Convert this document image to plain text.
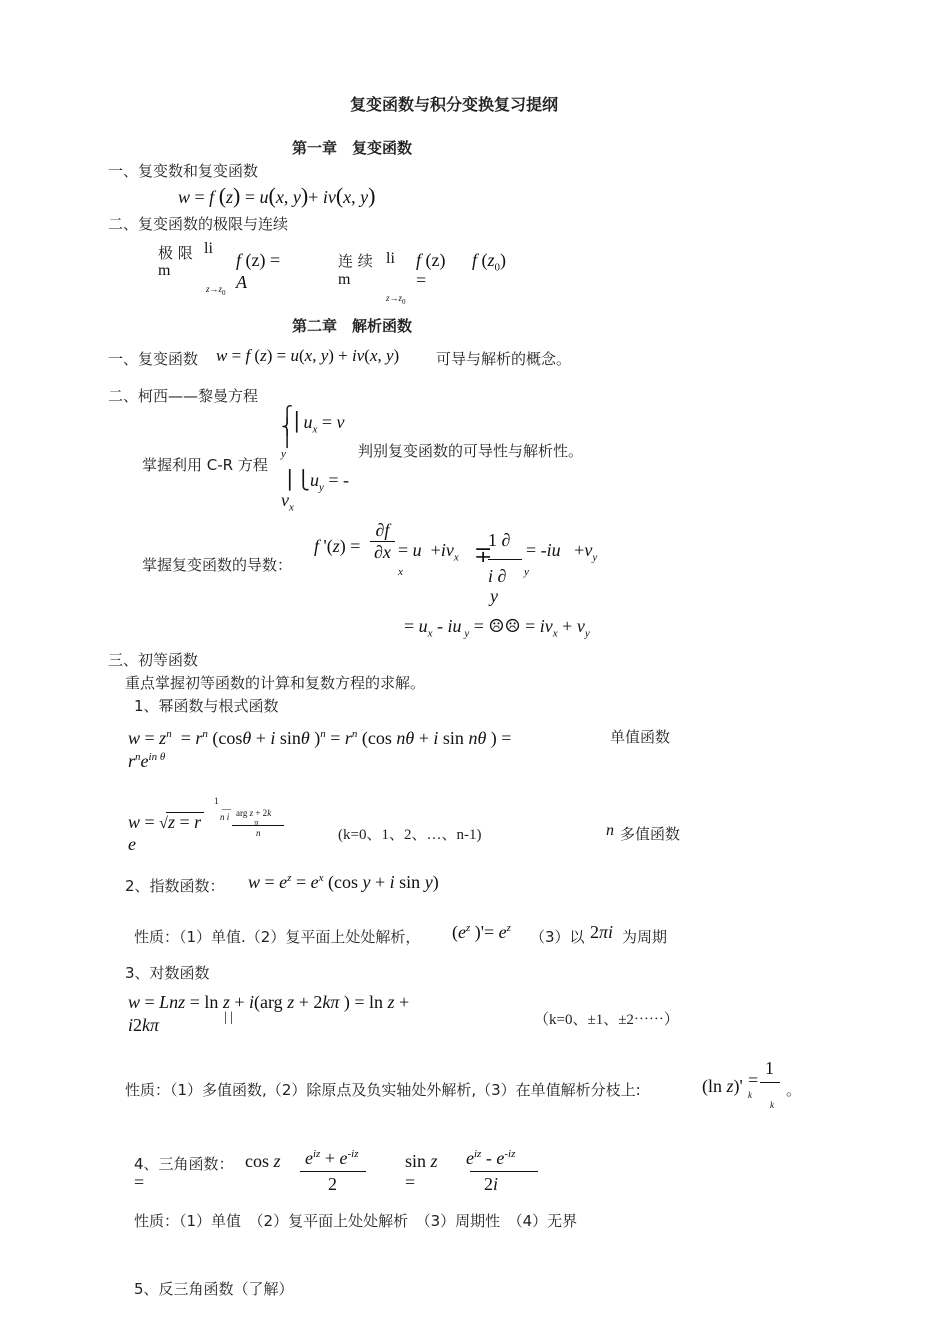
复变函数与积分变换复习提纲
第一章　复变函数
一、复变数和复变函数
w = f (z) = u(x, y)+ iv(x, y)
二、复变函数的极限与连续
极 限 li
m
$z\to z_0$
f (z) =
A
连 续 li
m
$z\to z_0$
f (z)
=
f $(z_0)$
第二章　解析函数
一、复变函数 w = f (z) = u(x, y) + iv(x, y) 可导与解析的概念。
二、柯西——黎曼方程
⎧
⎨
⎪
$⎪u_x = v$
y
掌握利用 C-R 方程
判别复变函数的可导性与解析性。
$⎪⎩u_y$ = -
$v_x$
掌握复变函数的导数：
f '$(z) = \frac{\partial f}{\partial x}$
x
= $u +iv_x$ ∓
1 ∂
i ∂ y
y
= $-iu +v_y$
= $u_x$ - iu $_y$ = ☹☹ = $iv_x + v_y$
三、初等函数
重点掌握初等函数的计算和复数方程的求解。
1、幂函数与根式函数
$w = z^n = r^n$ (cosθ + i sinθ )$^n = r^n$ (cos nθ + i sin nθ ) =
$r^ne^{in \theta}$
单值函数
1
—
n i arg z + 2k
π
n
w = √z = r
e	(k=0、1、2、…、n-1)	n 多值函数
2、指数函数： $w = e^z = e^x$ (cos y + i sin y)
性质：（1）单值.（2）复平面上处处解析， ($e^z$ )'= $e^z$ （3）以 2πi 为周期
3、对数函数
w = Lnz = ln z + i(arg z + 2kπ ) = ln z +
i2kπ	| |	（k=0、±1、±2⋯⋯）
性质：（1）多值函数,（2）除原点及负实轴处外解析,（3）在单值解析分枝上:	(ln z)' k
=
1
k
。
4、三角函数： cos z
=
$e^{iz} + e^{-iz}$
2
sin z
=
$e^{iz} - e^{-iz}$
2i
性质：（1）单值　（2）复平面上处处解析　（3）周期性　（4）无界
5、反三角函数（了解）
